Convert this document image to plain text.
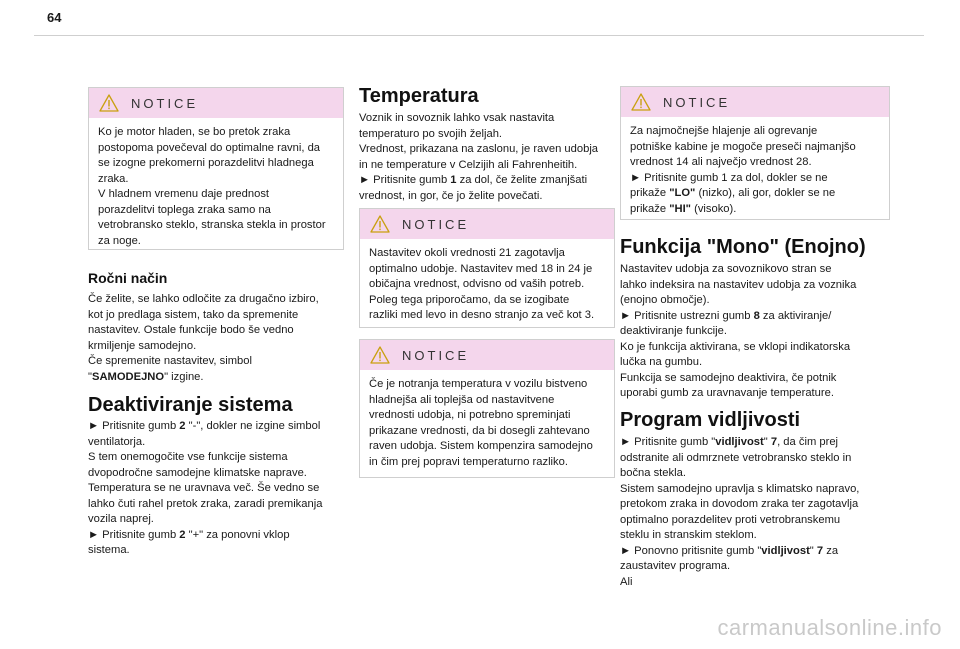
64
NOTICE
Ko je motor hladen, se bo pretok zraka
postopoma povečeval do optimalne ravni, da
se izogne prekomerni porazdelitvi hladnega
zraka.
V hladnem vremenu daje prednost
porazdelitvi toplega zraka samo na
vetrobransko steklo, stranska stekla in prostor
za noge.
Ročni način
Če želite, se lahko odločite za drugačno izbiro,
kot jo predlaga sistem, tako da spremenite
nastavitev. Ostale funkcije bodo še vedno
krmiljenje samodejno.
Če spremenite nastavitev, simbol
"SAMODEJNO" izgine.
Deaktiviranje sistema
► Pritisnite gumb 2 "-", dokler ne izgine simbol
ventilatorja.
S tem onemogočite vse funkcije sistema
dvopodročne samodejne klimatske naprave.
Temperatura se ne uravnava več. Še vedno se
lahko čuti rahel pretok zraka, zaradi premikanja
vozila naprej.
► Pritisnite gumb 2 "+" za ponovni vklop
sistema.
Temperatura
Voznik in sovoznik lahko vsak nastavita
temperaturo po svojih željah.
Vrednost, prikazana na zaslonu, je raven udobja
in ne temperature v Celzijih ali Fahrenheitih.
► Pritisnite gumb 1 za dol, če želite zmanjšati
vrednost, in gor, če jo želite povečati.
NOTICE
Nastavitev okoli vrednosti 21 zagotavlja
optimalno udobje. Nastavitev med 18 in 24 je
običajna vrednost, odvisno od vaših potreb.
Poleg tega priporočamo, da se izogibate
razliki med levo in desno stranjo za več kot 3.
NOTICE
Če je notranja temperatura v vozilu bistveno
hladnejša ali toplejša od nastavitvene
vrednosti udobja, ni potrebno spreminjati
prikazane vrednosti, da bi dosegli zahtevano
raven udobja. Sistem kompenzira samodejno
in čim prej popravi temperaturno razliko.
NOTICE
Za najmočnejše hlajenje ali ogrevanje
potniške kabine je mogoče preseči najmanjšo
vrednost 14 ali največjo vrednost 28.
► Pritisnite gumb 1 za dol, dokler se ne
prikaže "LO" (nizko), ali gor, dokler se ne
prikaže "HI" (visoko).
Funkcija "Mono" (Enojno)
Nastavitev udobja za sovoznikovo stran se
lahko indeksira na nastavitev udobja za voznika
(enojno območje).
► Pritisnite ustrezni gumb 8 za aktiviranje/
deaktiviranje funkcije.
Ko je funkcija aktivirana, se vklopi indikatorska
lučka na gumbu.
Funkcija se samodejno deaktivira, če potnik
uporabi gumb za uravnavanje temperature.
Program vidljivosti
► Pritisnite gumb "vidljivost" 7, da čim prej
odstranite ali odmrznete vetrobransko steklo in
bočna stekla.
Sistem samodejno upravlja s klimatsko napravo,
pretokom zraka in dovodom zraka ter zagotavlja
optimalno porazdelitev proti vetrobranskemu
steklu in stranskim steklom.
► Ponovno pritisnite gumb "vidljivost" 7 za
zaustavitev programa.
Ali
carmanualsonline.info
